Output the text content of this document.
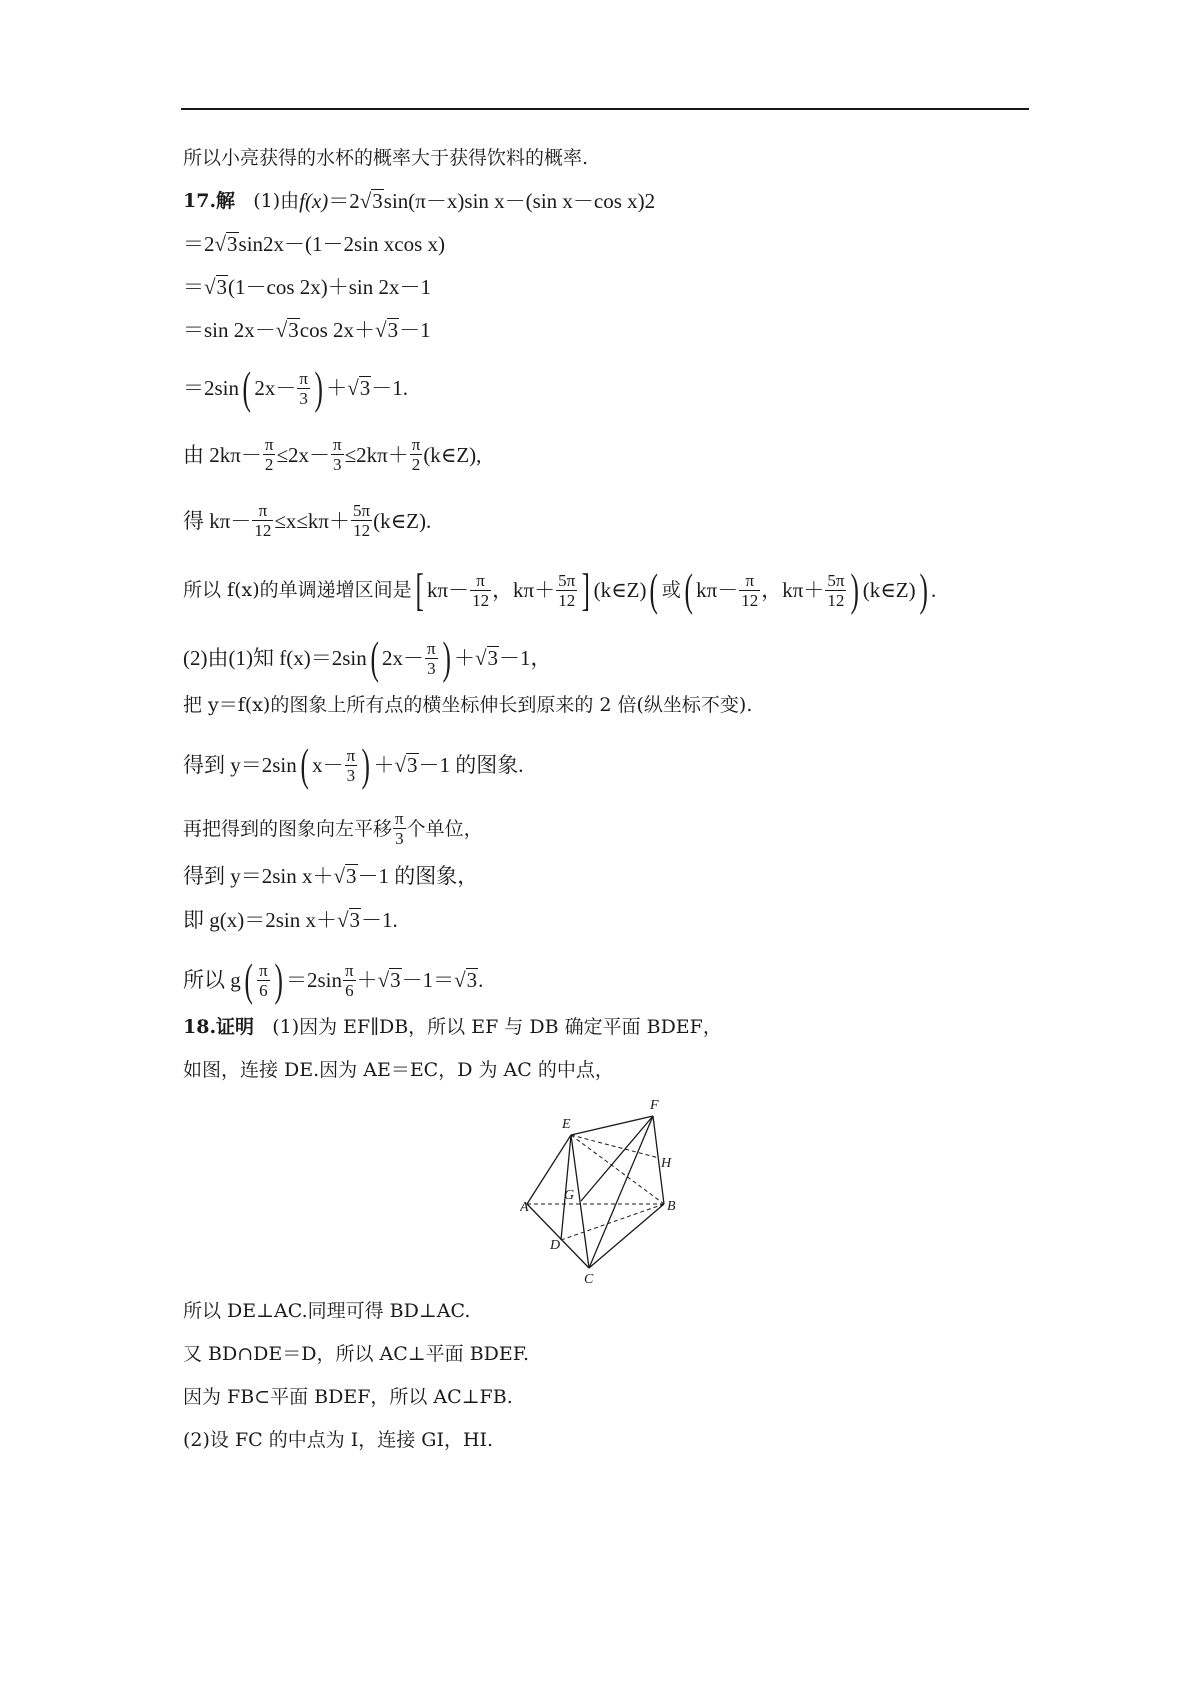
所以小亮获得的水杯的概率大于获得饮料的概率.
17.解
(1)由 f(x) ＝2 √ 3 sin(π－x)sin x－(sin x－cos x) 2
＝2 √ 3 sin 2 x－(1－2sin xcos x)
＝ √ 3 (1－cos 2x)＋sin 2x－1
＝sin 2x－ √ 3 cos 2x＋ √ 3 －1
＝2sin ( $2x- \frac{\pi}{3}$ ) ＋ √ 3 －1.
由 $2k\pi- \frac{\pi}{2} \le 2x- \frac{\pi}{3} \le 2k\pi+ \frac{\pi}{2}$ (k∈Z),
得 $k\pi- \frac{\pi}{12} \le x\le k\pi+ \frac{5\pi}{12}$ (k∈Z).
所以 f(x)的单调递增区间是 [ $k\pi- \frac{\pi}{12}$ ，$k\pi+ \frac{5\pi}{12}$ ] (k∈Z) ( 或 ( $k\pi- \frac{\pi}{12}$ ，$k\pi+ \frac{5\pi}{12}$ ) (k∈Z) ) .
(2)由(1)知 f(x)＝2sin ( $2x- \frac{\pi}{3}$ ) ＋ √ 3 －1，
把 y＝f(x)的图象上所有点的横坐标伸长到原来的 2 倍(纵坐标不变).
得到 y＝2sin ( $x- \frac{\pi}{3}$ ) ＋ √ 3 －1 的图象.
再把得到的图象向左平移 $\frac{\pi}{3}$ 个单位，
得到 y＝2sin x＋ √ 3 －1 的图象，
即 g(x)＝2sin x＋ √ 3 －1.
所以 g ( $\frac{\pi}{6}$ ) $=2\sin \frac{\pi}{6}$ ＋ √ 3 －1＝ √ 3 .
18.证明
(1)因为 EF∥DB，所以 EF 与 DB 确定平面 BDEF，
如图，连接 DE.因为 AE＝EC，D 为 AC 的中点，
E
F
H
A
G
B
D
C
所以 DE⊥AC.同理可得 BD⊥AC.
又 BD∩DE＝D，所以 AC⊥平面 BDEF.
因为 FB⊂平面 BDEF，所以 AC⊥FB.
(2)设 FC 的中点为 I，连接 GI，HI.
